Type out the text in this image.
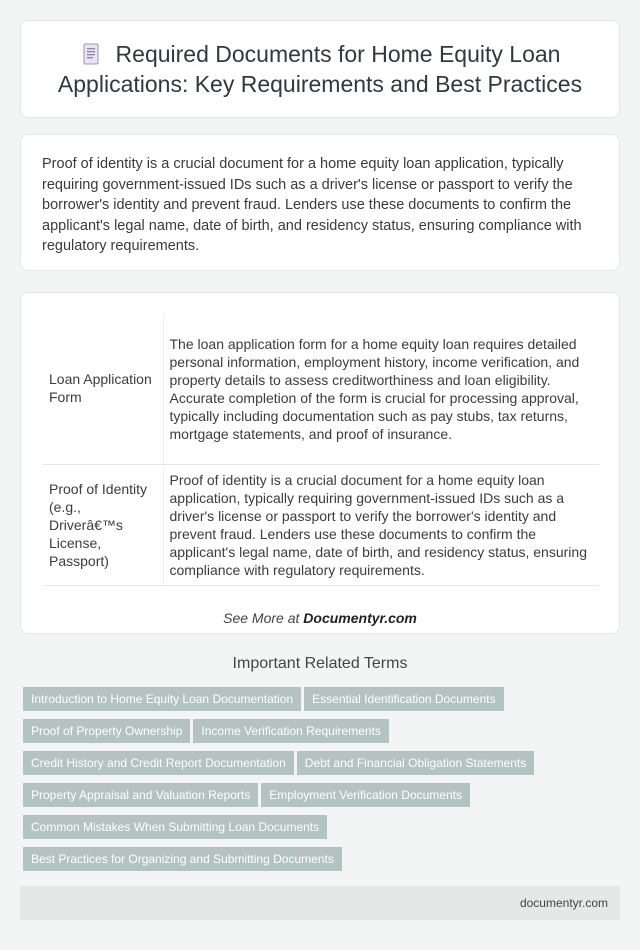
Required Documents for Home Equity Loan Applications: Key Requirements and Best Practices

Proof of identity is a crucial document for a home equity loan application, typically requiring government-issued IDs such as a driver's license or passport to verify the borrower's identity and prevent fraud. Lenders use these documents to confirm the applicant's legal name, date of birth, and residency status, ensuring compliance with regulatory requirements.

Loan Application Form	The loan application form for a home equity loan requires detailed personal information, employment history, income verification, and property details to assess creditworthiness and loan eligibility. Accurate completion of the form is crucial for processing approval, typically including documentation such as pay stubs, tax returns, mortgage statements, and proof of insurance.
Proof of Identity (e.g., Driverâ€™s License, Passport)	Proof of identity is a crucial document for a home equity loan application, typically requiring government-issued IDs such as a driver's license or passport to verify the borrower's identity and prevent fraud. Lenders use these documents to confirm the applicant's legal name, date of birth, and residency status, ensuring compliance with regulatory requirements.
See More at Documentyr.com
Important Related Terms
Introduction to Home Equity Loan Documentation Essential Identification Documents
Proof of Property Ownership Income Verification Requirements
Credit History and Credit Report Documentation Debt and Financial Obligation Statements
Property Appraisal and Valuation Reports Employment Verification Documents
Common Mistakes When Submitting Loan Documents
Best Practices for Organizing and Submitting Documents
documentyr.com
